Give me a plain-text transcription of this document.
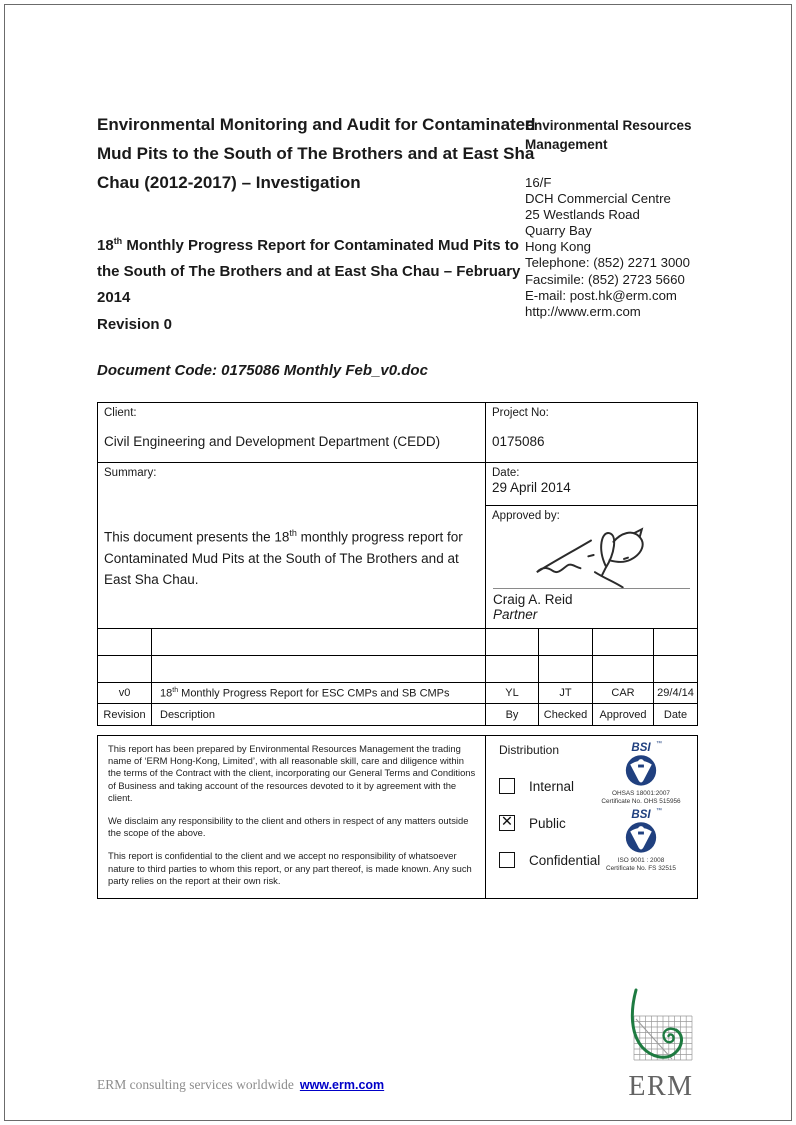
Environmental Monitoring and Audit for Contaminated Mud Pits to the South of The Brothers and at East Sha Chau (2012-2017) – Investigation
18th Monthly Progress Report for Contaminated Mud Pits to the South of The Brothers and at East Sha Chau – February 2014
Revision 0
Document Code: 0175086 Monthly Feb_v0.doc
Environmental Resources Management
16/F
DCH Commercial Centre
25 Westlands Road
Quarry Bay
Hong Kong
Telephone: (852) 2271 3000
Facsimile: (852) 2723 5660
E-mail: post.hk@erm.com
http://www.erm.com
Client:
Civil Engineering and Development Department (CEDD)

Project No:
0175086

Summary:
This document presents the 18th monthly progress report for Contaminated Mud Pits at the South of The Brothers and at East Sha Chau.

Date:
29 April 2014

		Approved by:
Craig A. Reid
Partner			

v0	18th Monthly Progress Report for ESC CMPs and SB CMPs	YL	JT	CAR	29/4/14
Revision	Description	By	Checked	Approved	Date

This report has been prepared by Environmental Resources Management the trading name of ‘ERM Hong-Kong, Limited’, with all reasonable skill, care and diligence within the terms of the Contract with the client, incorporating our General Terms and Conditions of Business and taking account of the resources devoted to it by agreement with the client.

We disclaim any responsibility to the client and others in respect of any matters outside the scope of the above.

This report is confidential to the client and we accept no responsibility of whatsoever nature to third parties to whom this report, or any part thereof, is made known. Any such party relies on the report at their own risk.

Distribution
Internal
✕ Public
Confidential
BSI ™
OHSAS 18001:2007
Certificate No. OHS 515956
BSI ™
ISO 9001 : 2008
Certificate No. FS 32515
ERM
ERM consulting services worldwide www.erm.com
